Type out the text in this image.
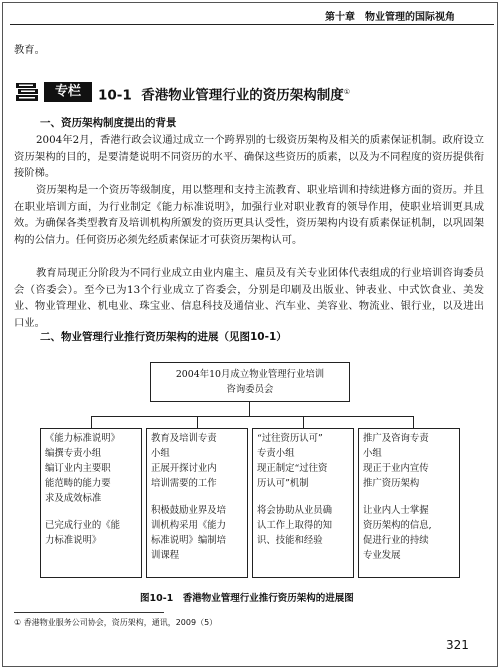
第十章　物业管理的国际视角
教育。
专栏	10-1 香港物业管理行业的资历架构制度①
一、资历架构制度提出的背景
2004年2月，香港行政会议通过成立一个跨界别的七级资历架构及相关的质素保证机制。政府设立资历架构的目的，是要清楚说明不同资历的水平、确保这些资历的质素，以及为不同程度的资历提供衔接阶梯。
资历架构是一个资历等级制度，用以整理和支持主流教育、职业培训和持续进修方面的资历。并且在职业培训方面，为行业制定《能力标准说明》，加强行业对职业教育的领导作用，使职业培训更具成效。为确保各类型教育及培训机构所颁发的资历更具认受性，资历架构内设有质素保证机制，以巩固架构的公信力。任何资历必须先经质素保证才可获资历架构认可。
教育局现正分阶段为不同行业成立由业内雇主、雇员及有关专业团体代表组成的行业培训咨询委员会（咨委会）。至今已为13个行业成立了咨委会，分别是印刷及出版业、钟表业、中式饮食业、美发业、物业管理业、机电业、珠宝业、信息科技及通信业、汽车业、美容业、物流业、银行业，以及进出口业。
二、物业管理行业推行资历架构的进展（见图10-1）
2004年10月成立物业管理行业培训
咨询委员会
《能力标准说明》
编撰专责小组
编订业内主要职
能范畴的能力要
求及成效标准
已完成行业的《能
力标准说明》
教育及培训专责
小组
正展开探讨业内
培训需要的工作
积极鼓励业界及培
训机构采用《能力
标准说明》编制培
训课程
“过往资历认可”
专责小组
现正制定“过往资
历认可”机制
将会协助从业员确
认工作上取得的知
识、技能和经验
推广及咨询专责
小组
现正于业内宣传
推广资历架构
让业内人士掌握
资历架构的信息,
促进行业的持续
专业发展
图10-1　香港物业管理行业推行资历架构的进展图
① 香港物业服务公司协会，资历架构，通讯，2009（5）
321
